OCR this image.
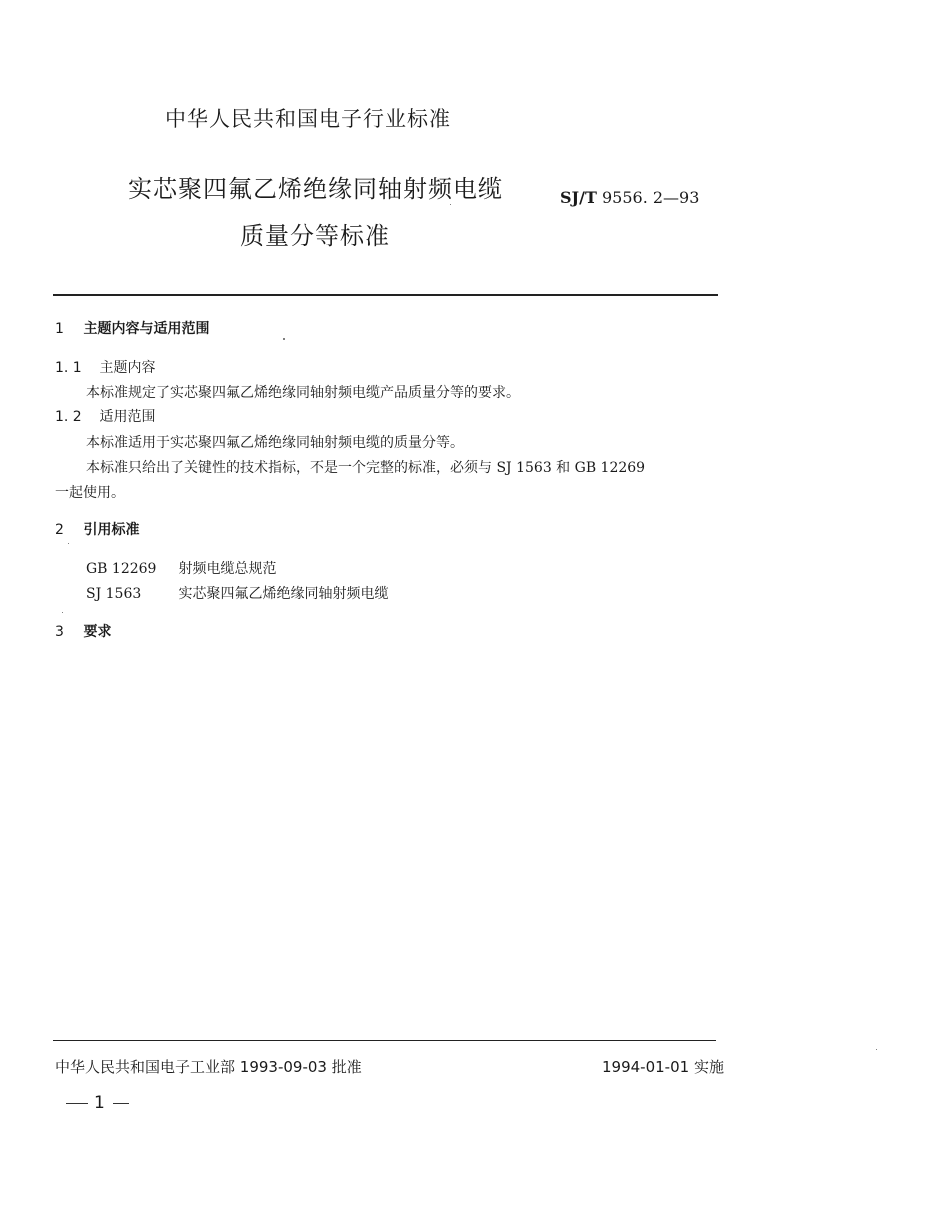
中华人民共和国电子行业标准
实芯聚四氟乙烯绝缘同轴射频电缆
质量分等标准
SJ/T 9556. 2—93
1 主题内容与适用范围
1. 1 主题内容
本标准规定了实芯聚四氟乙烯绝缘同轴射频电缆产品质量分等的要求。
1. 2 适用范围
本标准适用于实芯聚四氟乙烯绝缘同轴射频电缆的质量分等。
本标准只给出了关键性的技术指标，不是一个完整的标准，必须与 SJ 1563 和 GB 12269
一起使用。
2 引用标准
GB 12269 射频电缆总规范
SJ 1563	实芯聚四氟乙烯绝缘同轴射频电缆
3 要求
中华人民共和国电子工业部 1993-09-03 批准	1994-01-01 实施
1
